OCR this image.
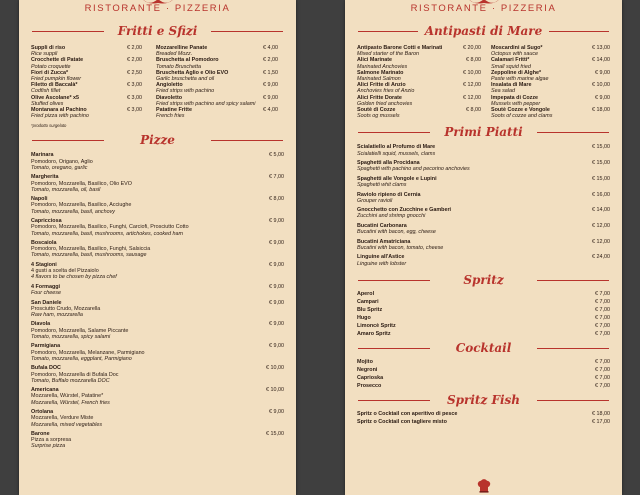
RISTORANTE · PIZZERIA
Fritti e Sfizi
Suppli di riso
Rice suppli
€ 2,00
Crocchette di Patate
Potato croquette
€ 2,00
Fiori di Zucca*
Fried pumpkin flower
€ 2,50
Filetto di Baccalà*
Codfish fillet
€ 3,00
Olive Ascolane* x5
Stuffed olives
€ 3,00
Montanara al Pachino
Fried pizza with pachino
€ 3,00
Mozzarelline Panate
Breaded Mozz.
€ 4,00
Bruschetta al Pomodoro
Tomato Bruschetta
€ 2,00
Bruschetta Aglio e Olio EVO
Garlic bruschetta and oil
€ 1,50
Angioletto
Fried strips with pachino
€ 9,00
Diavoletto
Fried strips with pachino and spicy salami
€ 9,00
Patatine Fritte
French fries
€ 4,00
*prodotto surgelato
Pizze
Marinara
Pomodoro, Origano, Aglio
Tomato, oregano, garlic
€ 5,00
Margherita
Pomodoro, Mozzarella, Basilico, Olio EVO
Tomato, mozzarella, oil, basil
€ 7,00
Napoli
Pomodoro, Mozzarella, Basilico, Acciughe
Tomato, mozzarella, basil, anchovy
€ 8,00
Capricciosa
Pomodoro, Mozzarella, Basilico, Funghi, Carciofi, Prosciutto Cotto
Tomato, mozzarella, basil, mushrooms, artichokes, cooked ham
€ 9,00
Boscaiola
Pomodoro, Mozzarella, Basilico, Funghi, Salsiccia
Tomato, mozzarella, basil, mushrooms, sausage
€ 9,00
4 Stagioni
4 gusti a scelta del Pizzaiolo
4 flavors to be chosen by pizza chef
€ 9,00
4 Formaggi
Four cheese
€ 9,00
San Daniele
Prosciutto Crudo, Mozzarella
Raw ham, mozzarella
€ 9,00
Diavola
Pomodoro, Mozzarella, Salame Piccante
Tomato, mozzarella, spicy salami
€ 9,00
Parmigiana
Pomodoro, Mozzarella, Melanzane, Parmigiano
Tomato, mozzarella, eggplant, Parmigiano
€ 9,00
Bufala DOC
Pomodoro, Mozzarella di Bufala Doc
Tomato, Buffalo mozzarella DOC
€ 10,00
Americana
Mozzarella, Würstel, Patatine*
Mozzarella, Würstel, French fries
€ 10,00
Ortolana
Mozzarella, Verdure Miste
Mozzarella, mixed vegetables
€ 9,00
Barone
Pizza a sorpresa
Surprise pizza
€ 15,00
RISTORANTE · PIZZERIA
Antipasti di Mare
Antipasto Barone Cotti e Marinati
Mixed starter of the Baron
€ 20,00
Alici Marinate
Marinated Anchovies
€ 8,00
Salmone Marinato
Marinated Salmon
€ 10,00
Alici Fritte di Anzio
Anchovies fries of Anzio
€ 12,00
Alici Fritte Dorate
Golden fried anchovies
€ 12,00
Soutè di Cozze
Soots og mussels
€ 8,00
Moscardini al Sugo*
Octopus with sauce
€ 13,00
Calamari Fritti*
Small squid fried
€ 14,00
Zeppoline di Alghe*
Paste with marine algae
€ 9,00
Insalata di Mare
Sea salad
€ 10,00
Impepata di Cozze
Mussels with pepper
€ 9,00
Soutè Cozze e Vongole
Soots of cozze and clams
€ 18,00
Primi Piatti
Scialatiello al Profumo di Mare
Scialatielli squid, mussels, clams
€ 15,00
Spaghetti alla Procidana
Spaghetti with pachino and pecorino anchovies
€ 15,00
Spaghetti alle Vongole e Lupini
Spaghetti whit clams
€ 15,00
Raviolo ripieno di Cernia
Grouper ravioli
€ 16,00
Gnocchetto con Zucchine e Gamberi
Zucchini and shrimp gnocchi
€ 14,00
Bucatini Carbonara
Bucatini with bacon, egg, cheese
€ 12,00
Bucatini Amatriciana
Bucatini with bacon, tomato, cheese
€ 12,00
Linguine all'Astice
Linguine with lobster
€ 24,00
Spritz
Aperol	€ 7,00
Campari	€ 7,00
Blu Spritz	€ 7,00
Hugo	€ 7,00
Limoncè Spritz	€ 7,00
Amaro Spritz	€ 7,00
Cocktail
Mojito	€ 7,00
Negroni	€ 7,00
Caprioska	€ 7,00
Prosecco	€ 7,00
Spritz Fish
Spritz o Cocktail con aperitivo di pesce	€ 18,00
Spritz o Cocktail con tagliere misto	€ 17,00
